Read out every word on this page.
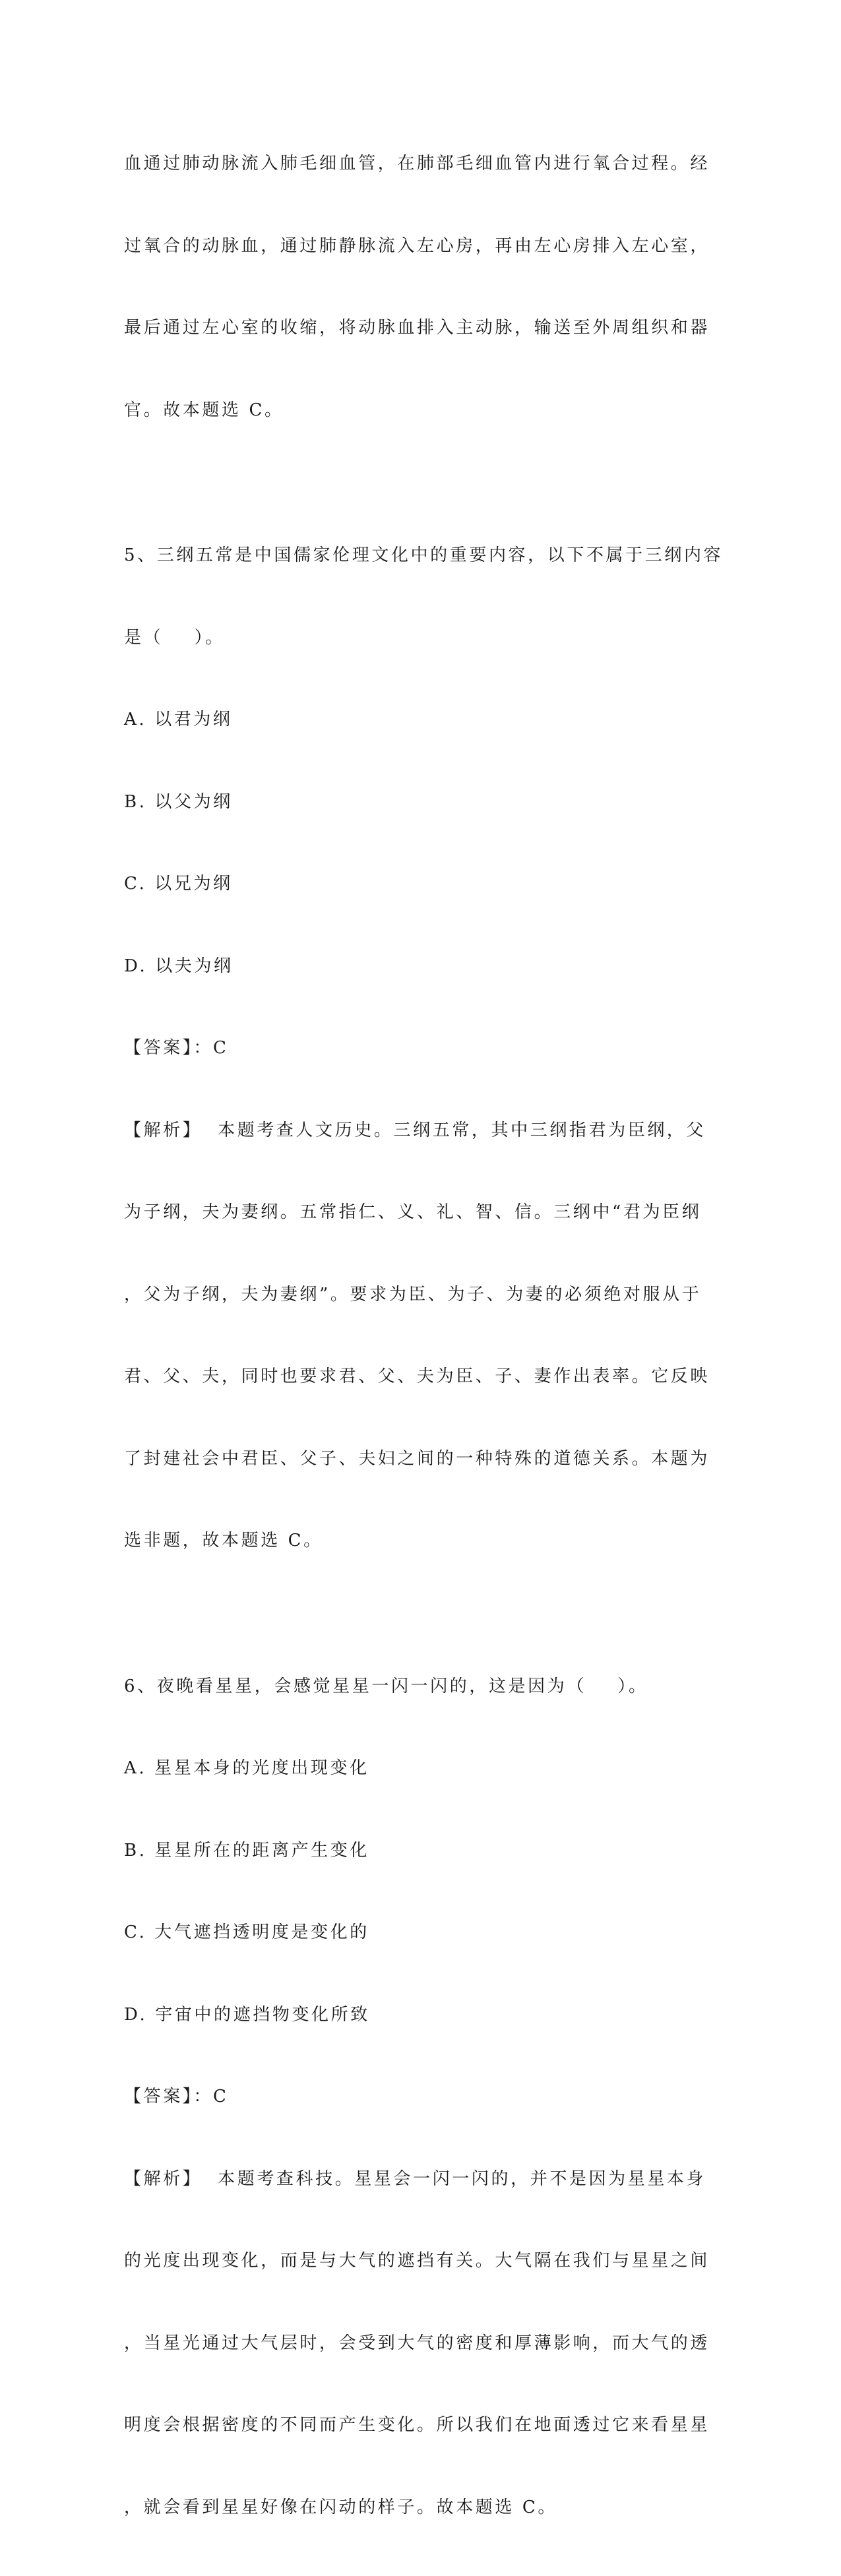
血通过肺动脉流入肺毛细血管，在肺部毛细血管内进行氧合过程。经

过氧合的动脉血，通过肺静脉流入左心房，再由左心房排入左心室，

最后通过左心室的收缩，将动脉血排入主动脉，输送至外周组织和器

官。故本题选 C。

5、三纲五常是中国儒家伦理文化中的重要内容，以下不属于三纲内容

是（    ）。

A. 以君为纲

B. 以父为纲

C. 以兄为纲

D. 以夫为纲

【答案】：C

【解析】  本题考查人文历史。三纲五常，其中三纲指君为臣纲，父

为子纲，夫为妻纲。五常指仁、义、礼、智、信。三纲中“君为臣纲

，父为子纲，夫为妻纲”。要求为臣、为子、为妻的必须绝对服从于

君、父、夫，同时也要求君、父、夫为臣、子、妻作出表率。它反映

了封建社会中君臣、父子、夫妇之间的一种特殊的道德关系。本题为

选非题，故本题选 C。

6、夜晚看星星，会感觉星星一闪一闪的，这是因为（    ）。

A. 星星本身的光度出现变化

B. 星星所在的距离产生变化

C. 大气遮挡透明度是变化的

D. 宇宙中的遮挡物变化所致

【答案】：C

【解析】  本题考查科技。星星会一闪一闪的，并不是因为星星本身

的光度出现变化，而是与大气的遮挡有关。大气隔在我们与星星之间

，当星光通过大气层时，会受到大气的密度和厚薄影响，而大气的透

明度会根据密度的不同而产生变化。所以我们在地面透过它来看星星

，就会看到星星好像在闪动的样子。故本题选 C。
